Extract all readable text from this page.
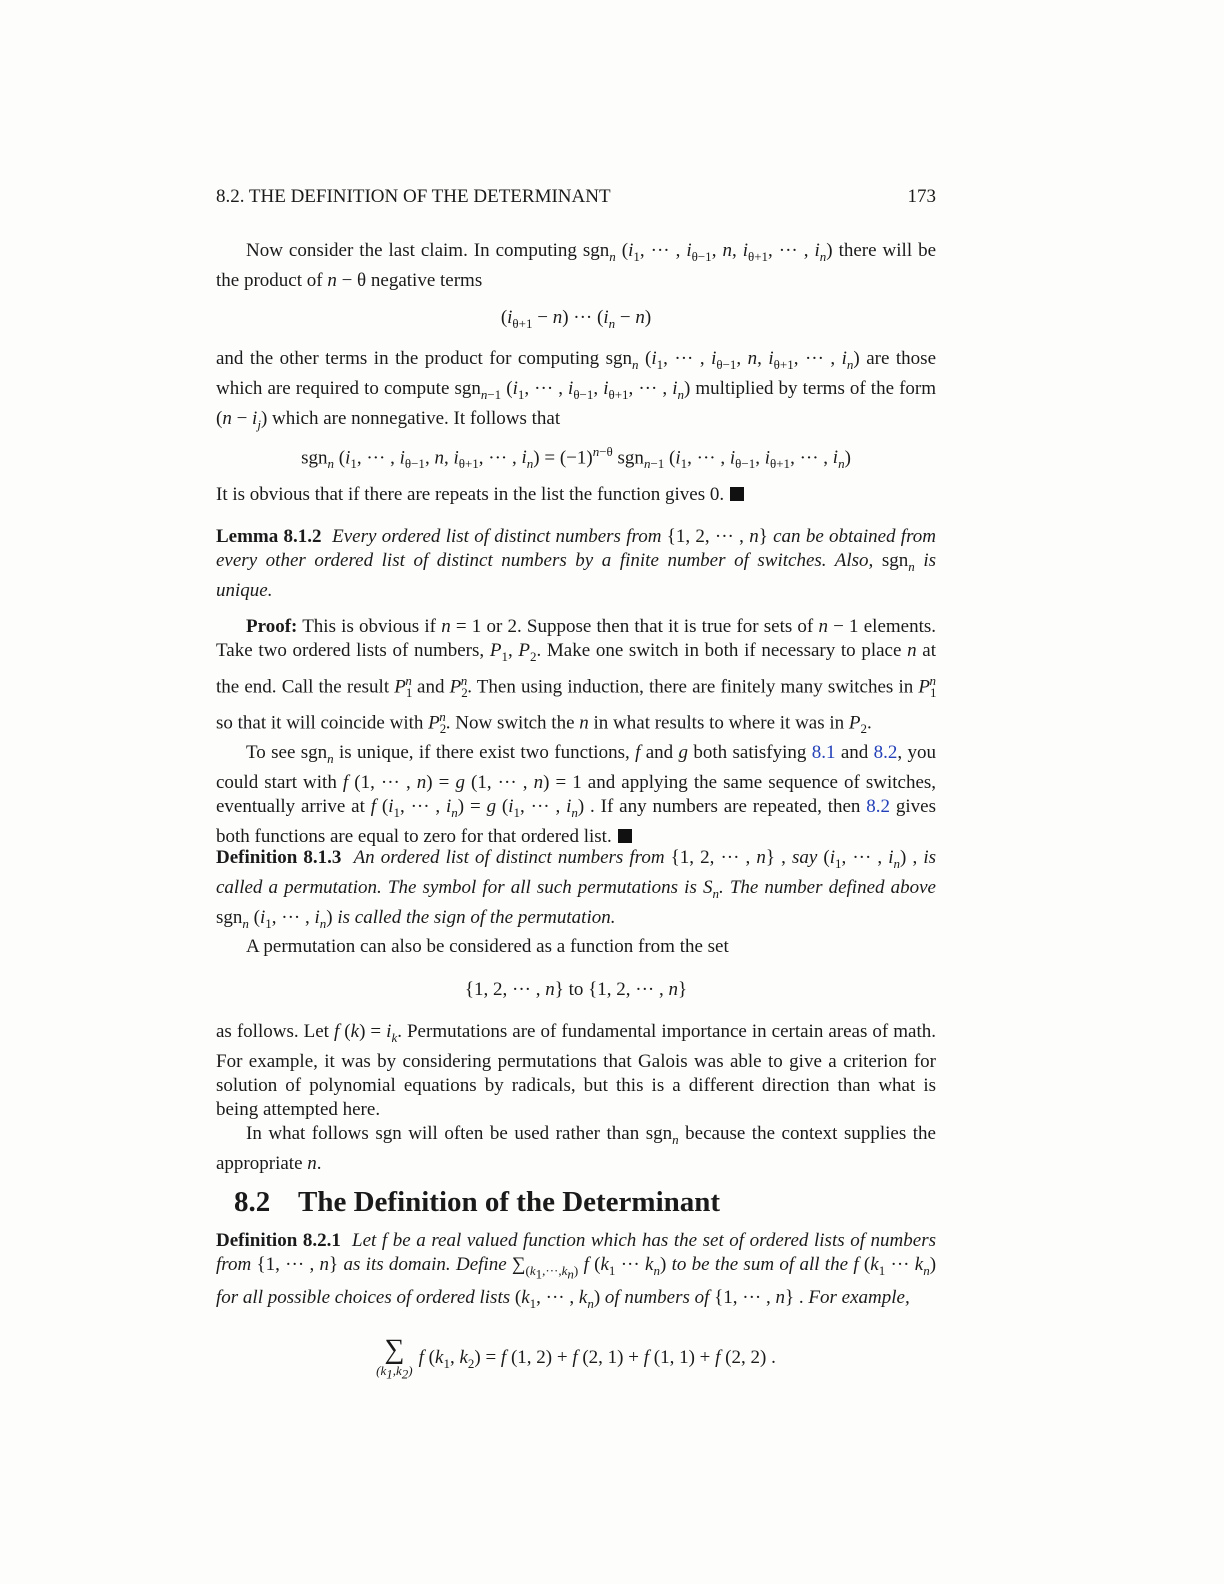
8.2. THE DEFINITION OF THE DETERMINANT	173

Now consider the last claim. In computing sgn$_n$ ($i_1$, ··· , $i_{\theta-1}$, n, $i_{\theta+1}$, ··· , $i_n$) there will be the product of n − θ negative terms

$(i_{\theta+1} - n)$ ··· $(i_n - n)$

and the other terms in the product for computing sgn$_n$ ($i_1$, ··· , $i_{\theta-1}$, n, $i_{\theta+1}$, ··· , $i_n$) are those which are required to compute sgn$_{n-1}$ ($i_1$, ··· , $i_{\theta-1}$, $i_{\theta+1}$, ··· , $i_n$) multiplied by terms of the form $(n - i_j)$ which are nonnegative. It follows that

sgn$_n$ ($i_1$, ··· , $i_{\theta-1}$, n, $i_{\theta+1}$, ··· , $i_n) = (-1)^{n-\theta}$ sgn$_{n-1}$ ($i_1$, ··· , $i_{\theta-1}$, $i_{\theta+1}$, ··· , $i_n$)

It is obvious that if there are repeats in the list the function gives 0.

Lemma 8.1.2 Every ordered list of distinct numbers from {1, 2, ··· , n} can be obtained from every other ordered list of distinct numbers by a finite number of switches. Also, sgn$_n$ is unique.

Proof: This is obvious if n = 1 or 2. Suppose then that it is true for sets of n − 1 elements. Take two ordered lists of numbers, $P_1$, $P_2$. Make one switch in both if necessary to place n at the end. Call the result $P_1^n$ and $P_2^n$. Then using induction, there are finitely many switches in $P_1^n$ so that it will coincide with $P_2^n$. Now switch the n in what results to where it was in $P_2$.

To see sgn$_n$ is unique, if there exist two functions, f and g both satisfying 8.1 and 8.2, you could start with f (1, ··· , n) = g (1, ··· , n) = 1 and applying the same sequence of switches, eventually arrive at f ($i_1$, ··· , $i_n) = g$ ($i_1$, ··· , $i_n$) . If any numbers are repeated, then 8.2 gives both functions are equal to zero for that ordered list.

Definition 8.1.3 An ordered list of distinct numbers from {1, 2, ··· , n} , say ($i_1$, ··· , $i_n$) , is called a permutation. The symbol for all such permutations is $S_n$. The number defined above sgn$_n$ ($i_1$, ··· , $i_n$) is called the sign of the permutation.

A permutation can also be considered as a function from the set

{1, 2, ··· , n} to {1, 2, ··· , n}

as follows. Let f $(k) = i_k$. Permutations are of fundamental importance in certain areas of math. For example, it was by considering permutations that Galois was able to give a criterion for solution of polynomial equations by radicals, but this is a different direction than what is being attempted here.

In what follows sgn will often be used rather than sgn$_n$ because the context supplies the appropriate n.

8.2 The Definition of the Determinant

Definition 8.2.1 Let f be a real valued function which has the set of ordered lists of numbers from {1, ··· , n} as its domain. Define $\sum_{(k_1,\cdot\cdot\cdot,k_n)}$ f ($k_1$ ··· $k_n$) to be the sum of all the f ($k_1$ ··· $k_n$) for all possible choices of ordered lists ($k_1$, ··· , $k_n$) of numbers of {1, ··· , n} . For example,

∑
$(k_1,k_2)$
f ($k_1$, $k_2) = f$ (1, 2) + f (2, 1) + f (1, 1) + f (2, 2) .
